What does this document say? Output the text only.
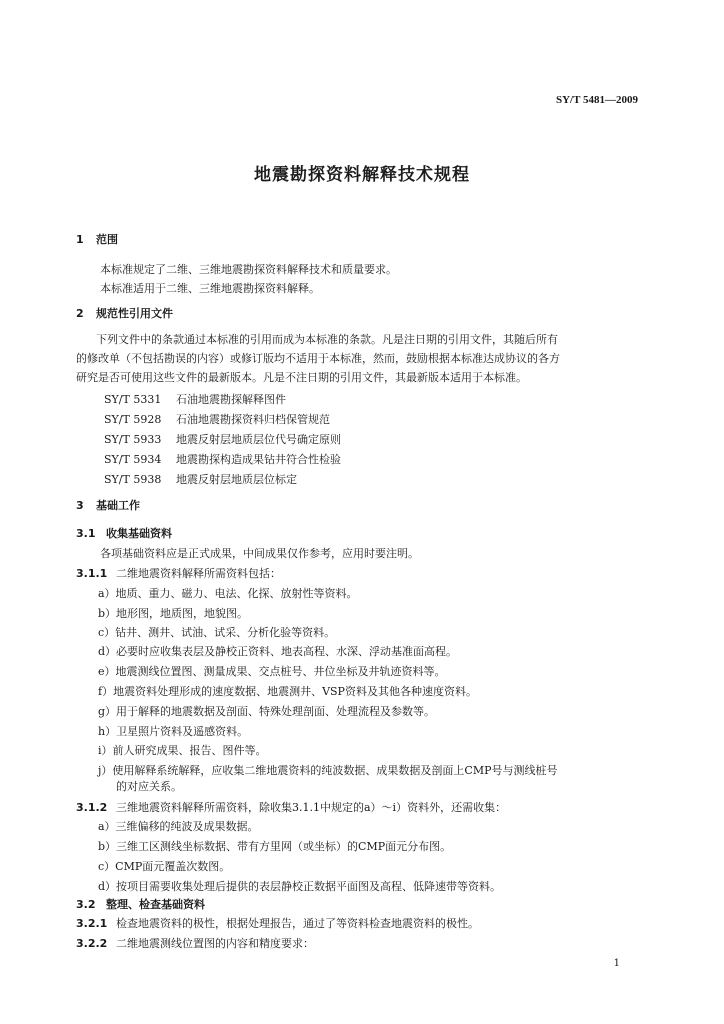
SY/T 5481—2009
地震勘探资料解释技术规程
1 范围
本标准规定了二维、三维地震勘探资料解释技术和质量要求。
本标准适用于二维、三维地震勘探资料解释。
2 规范性引用文件
下列文件中的条款通过本标准的引用而成为本标准的条款。凡是注日期的引用文件，其随后所有
的修改单（不包括勘误的内容）或修订版均不适用于本标准，然而，鼓励根据本标准达成协议的各方
研究是否可使用这些文件的最新版本。凡是不注日期的引用文件，其最新版本适用于本标准。
SY/T 5331 石油地震勘探解释图件
SY/T 5928 石油地震勘探资料归档保管规范
SY/T 5933 地震反射层地质层位代号确定原则
SY/T 5934 地震勘探构造成果钻井符合性检验
SY/T 5938 地震反射层地质层位标定
3 基础工作
3.1 收集基础资料
各项基础资料应是正式成果，中间成果仅作参考，应用时要注明。
3.1.1 二维地震资料解释所需资料包括：
a）地质、重力、磁力、电法、化探、放射性等资料。
b）地形图，地质图，地貌图。
c）钻井、测井、试油、试采、分析化验等资料。
d）必要时应收集表层及静校正资料、地表高程、水深、浮动基准面高程。
e）地震测线位置图、测量成果、交点桩号、井位坐标及井轨迹资料等。
f）地震资料处理形成的速度数据、地震测井、VSP资料及其他各种速度资料。
g）用于解释的地震数据及剖面、特殊处理剖面、处理流程及参数等。
h）卫星照片资料及遥感资料。
i）前人研究成果、报告、图件等。
j）使用解释系统解释，应收集二维地震资料的纯波数据、成果数据及剖面上CMP号与测线桩号
的对应关系。
3.1.2 三维地震资料解释所需资料，除收集3.1.1中规定的a）～i）资料外，还需收集：
a）三维偏移的纯波及成果数据。
b）三维工区测线坐标数据、带有方里网（或坐标）的CMP面元分布图。
c）CMP面元覆盖次数图。
d）按项目需要收集处理后提供的表层静校正数据平面图及高程、低降速带等资料。
3.2 整理、检查基础资料
3.2.1 检查地震资料的极性，根据处理报告，通过了等资料检查地震资料的极性。
3.2.2 二维地震测线位置图的内容和精度要求：
1
